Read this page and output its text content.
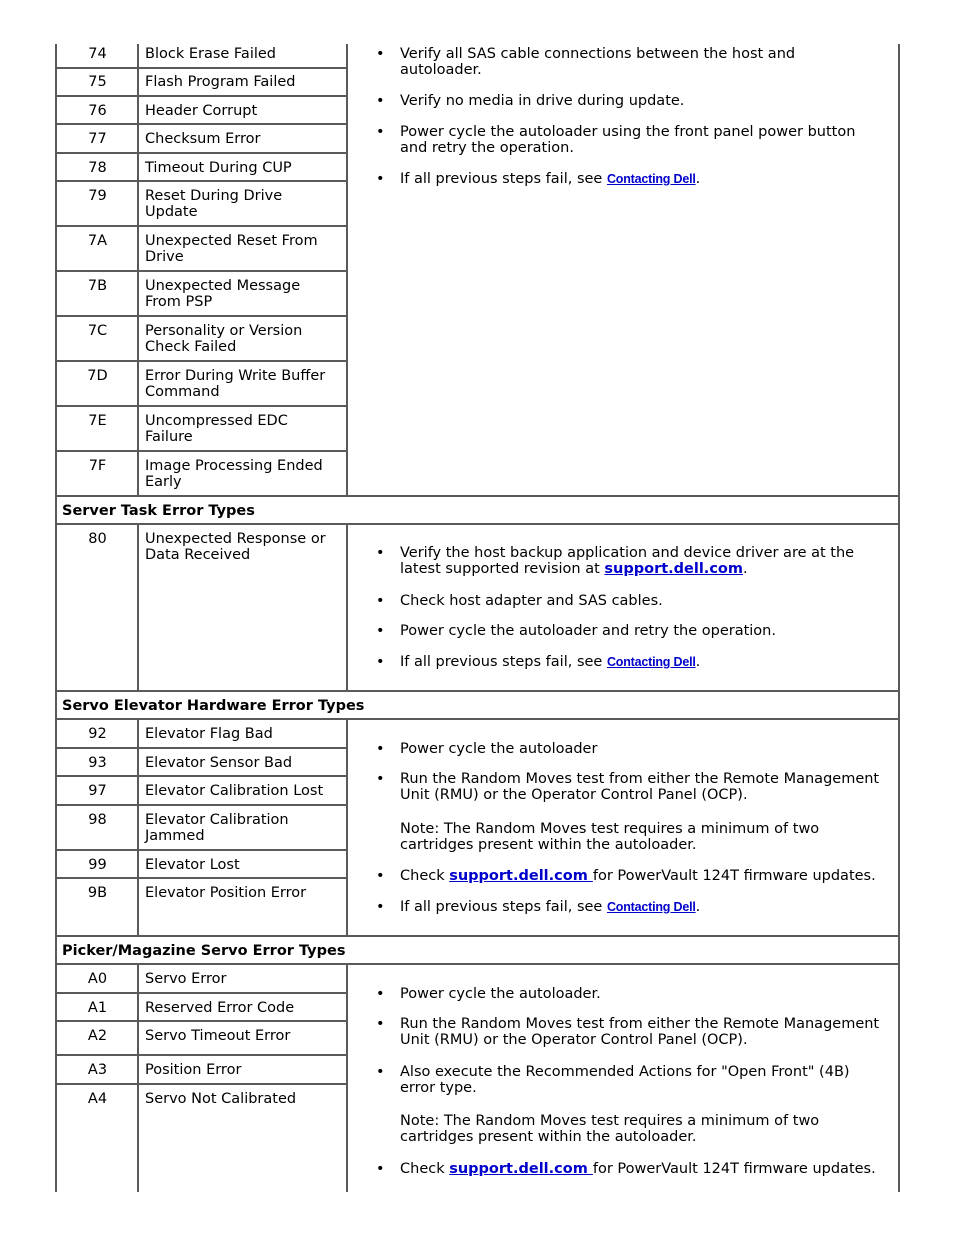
74	Block Erase Failed
75	Flash Program Failed
76	Header Corrupt
77	Checksum Error
78	Timeout During CUP
79	Reset During Drive
Update
7A	Unexpected Reset From
Drive
7B	Unexpected Message
From PSP
7C	Personality or Version
Check Failed
7D	Error During Write Buffer
Command
7E	Uncompressed EDC
Failure
7F	Image Processing Ended
Early
• Verify all SAS cable connections between the host and
autoloader.
• Verify no media in drive during update.
• Power cycle the autoloader using the front panel power button
and retry the operation.
• If all previous steps fail, see Contacting Dell.
Server Task Error Types
80	Unexpected Response or
Data Received
•	Verify the host backup application and device driver are at the
latest supported revision at support.dell.com.
• Check host adapter and SAS cables.
• Power cycle the autoloader and retry the operation.
• If all previous steps fail, see Contacting Dell.
Servo Elevator Hardware Error Types
92	Elevator Flag Bad
93	Elevator Sensor Bad
97	Elevator Calibration Lost
98	Elevator Calibration
Jammed
99	Elevator Lost
9B	Elevator Position Error
• Power cycle the autoloader
• Run the Random Moves test from either the Remote Management
Unit (RMU) or the Operator Control Panel (OCP).
Note: The Random Moves test requires a minimum of two
cartridges present within the autoloader.
• Check support.dell.com for PowerVault 124T firmware updates.
• If all previous steps fail, see Contacting Dell.
Picker/Magazine Servo Error Types
A0	Servo Error
A1	Reserved Error Code
A2	Servo Timeout Error
A3	Position Error
A4	Servo Not Calibrated
• Power cycle the autoloader.
• Run the Random Moves test from either the Remote Management
Unit (RMU) or the Operator Control Panel (OCP).
• Also execute the Recommended Actions for "Open Front" (4B)
error type.
Note: The Random Moves test requires a minimum of two
cartridges present within the autoloader.
• Check support.dell.com for PowerVault 124T firmware updates.
